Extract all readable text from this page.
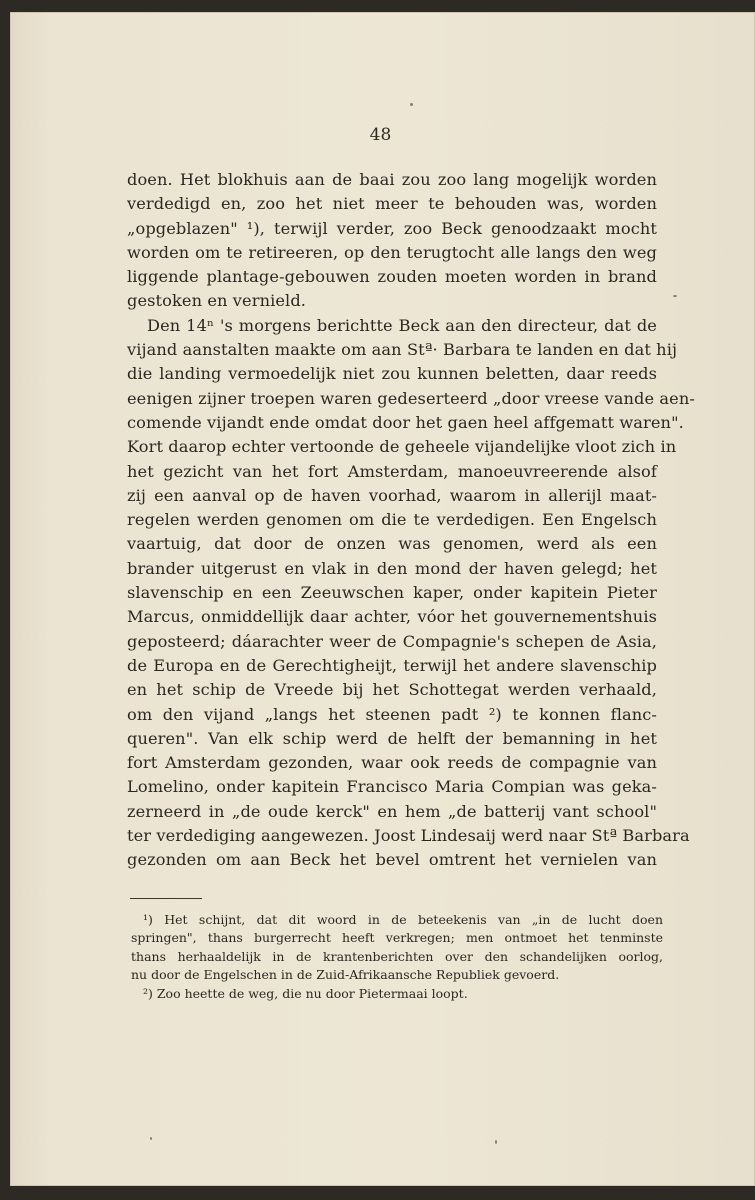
48
doen. Het blokhuis aan de baai zou zoo lang mogelijk worden
verdedigd en, zoo het niet meer te behouden was, worden
„opgeblazen" ¹), terwijl verder, zoo Beck genoodzaakt mocht
worden om te retireeren, op den terugtocht alle langs den weg
liggende plantage-gebouwen zouden moeten worden in brand
gestoken en vernield.
Den 14ⁿ 's morgens berichtte Beck aan den directeur, dat de
vijand aanstalten maakte om aan Stª· Barbara te landen en dat hij
die landing vermoedelijk niet zou kunnen beletten, daar reeds
eenigen zijner troepen waren gedeserteerd „door vreese vande aen-
comende vijandt ende omdat door het gaen heel affgematt waren".
Kort daarop echter vertoonde de geheele vijandelijke vloot zich in
het gezicht van het fort Amsterdam, manoeuvreerende alsof
zij een aanval op de haven voorhad, waarom in allerijl maat-
regelen werden genomen om die te verdedigen. Een Engelsch
vaartuig, dat door de onzen was genomen, werd als een
brander uitgerust en vlak in den mond der haven gelegd; het
slavenschip en een Zeeuwschen kaper, onder kapitein Pieter
Marcus, onmiddellijk daar achter, vóor het gouvernementshuis
geposteerd; dáarachter weer de Compagnie's schepen de Asia,
de Europa en de Gerechtigheijt, terwijl het andere slavenschip
en het schip de Vreede bij het Schottegat werden verhaald,
om den vijand „langs het steenen padt ²) te konnen flanc-
queren". Van elk schip werd de helft der bemanning in het
fort Amsterdam gezonden, waar ook reeds de compagnie van
Lomelino, onder kapitein Francisco Maria Compian was geka-
zerneerd in „de oude kerck" en hem „de batterij vant school"
ter verdediging aangewezen. Joost Lindesaij werd naar Stª Barbara
gezonden om aan Beck het bevel omtrent het vernielen van
¹) Het schijnt, dat dit woord in de beteekenis van „in de lucht doen
springen", thans burgerrecht heeft verkregen; men ontmoet het tenminste
thans herhaaldelijk in de krantenberichten over den schandelijken oorlog,
nu door de Engelschen in de Zuid-Afrikaansche Republiek gevoerd.
²) Zoo heette de weg, die nu door Pietermaai loopt.
